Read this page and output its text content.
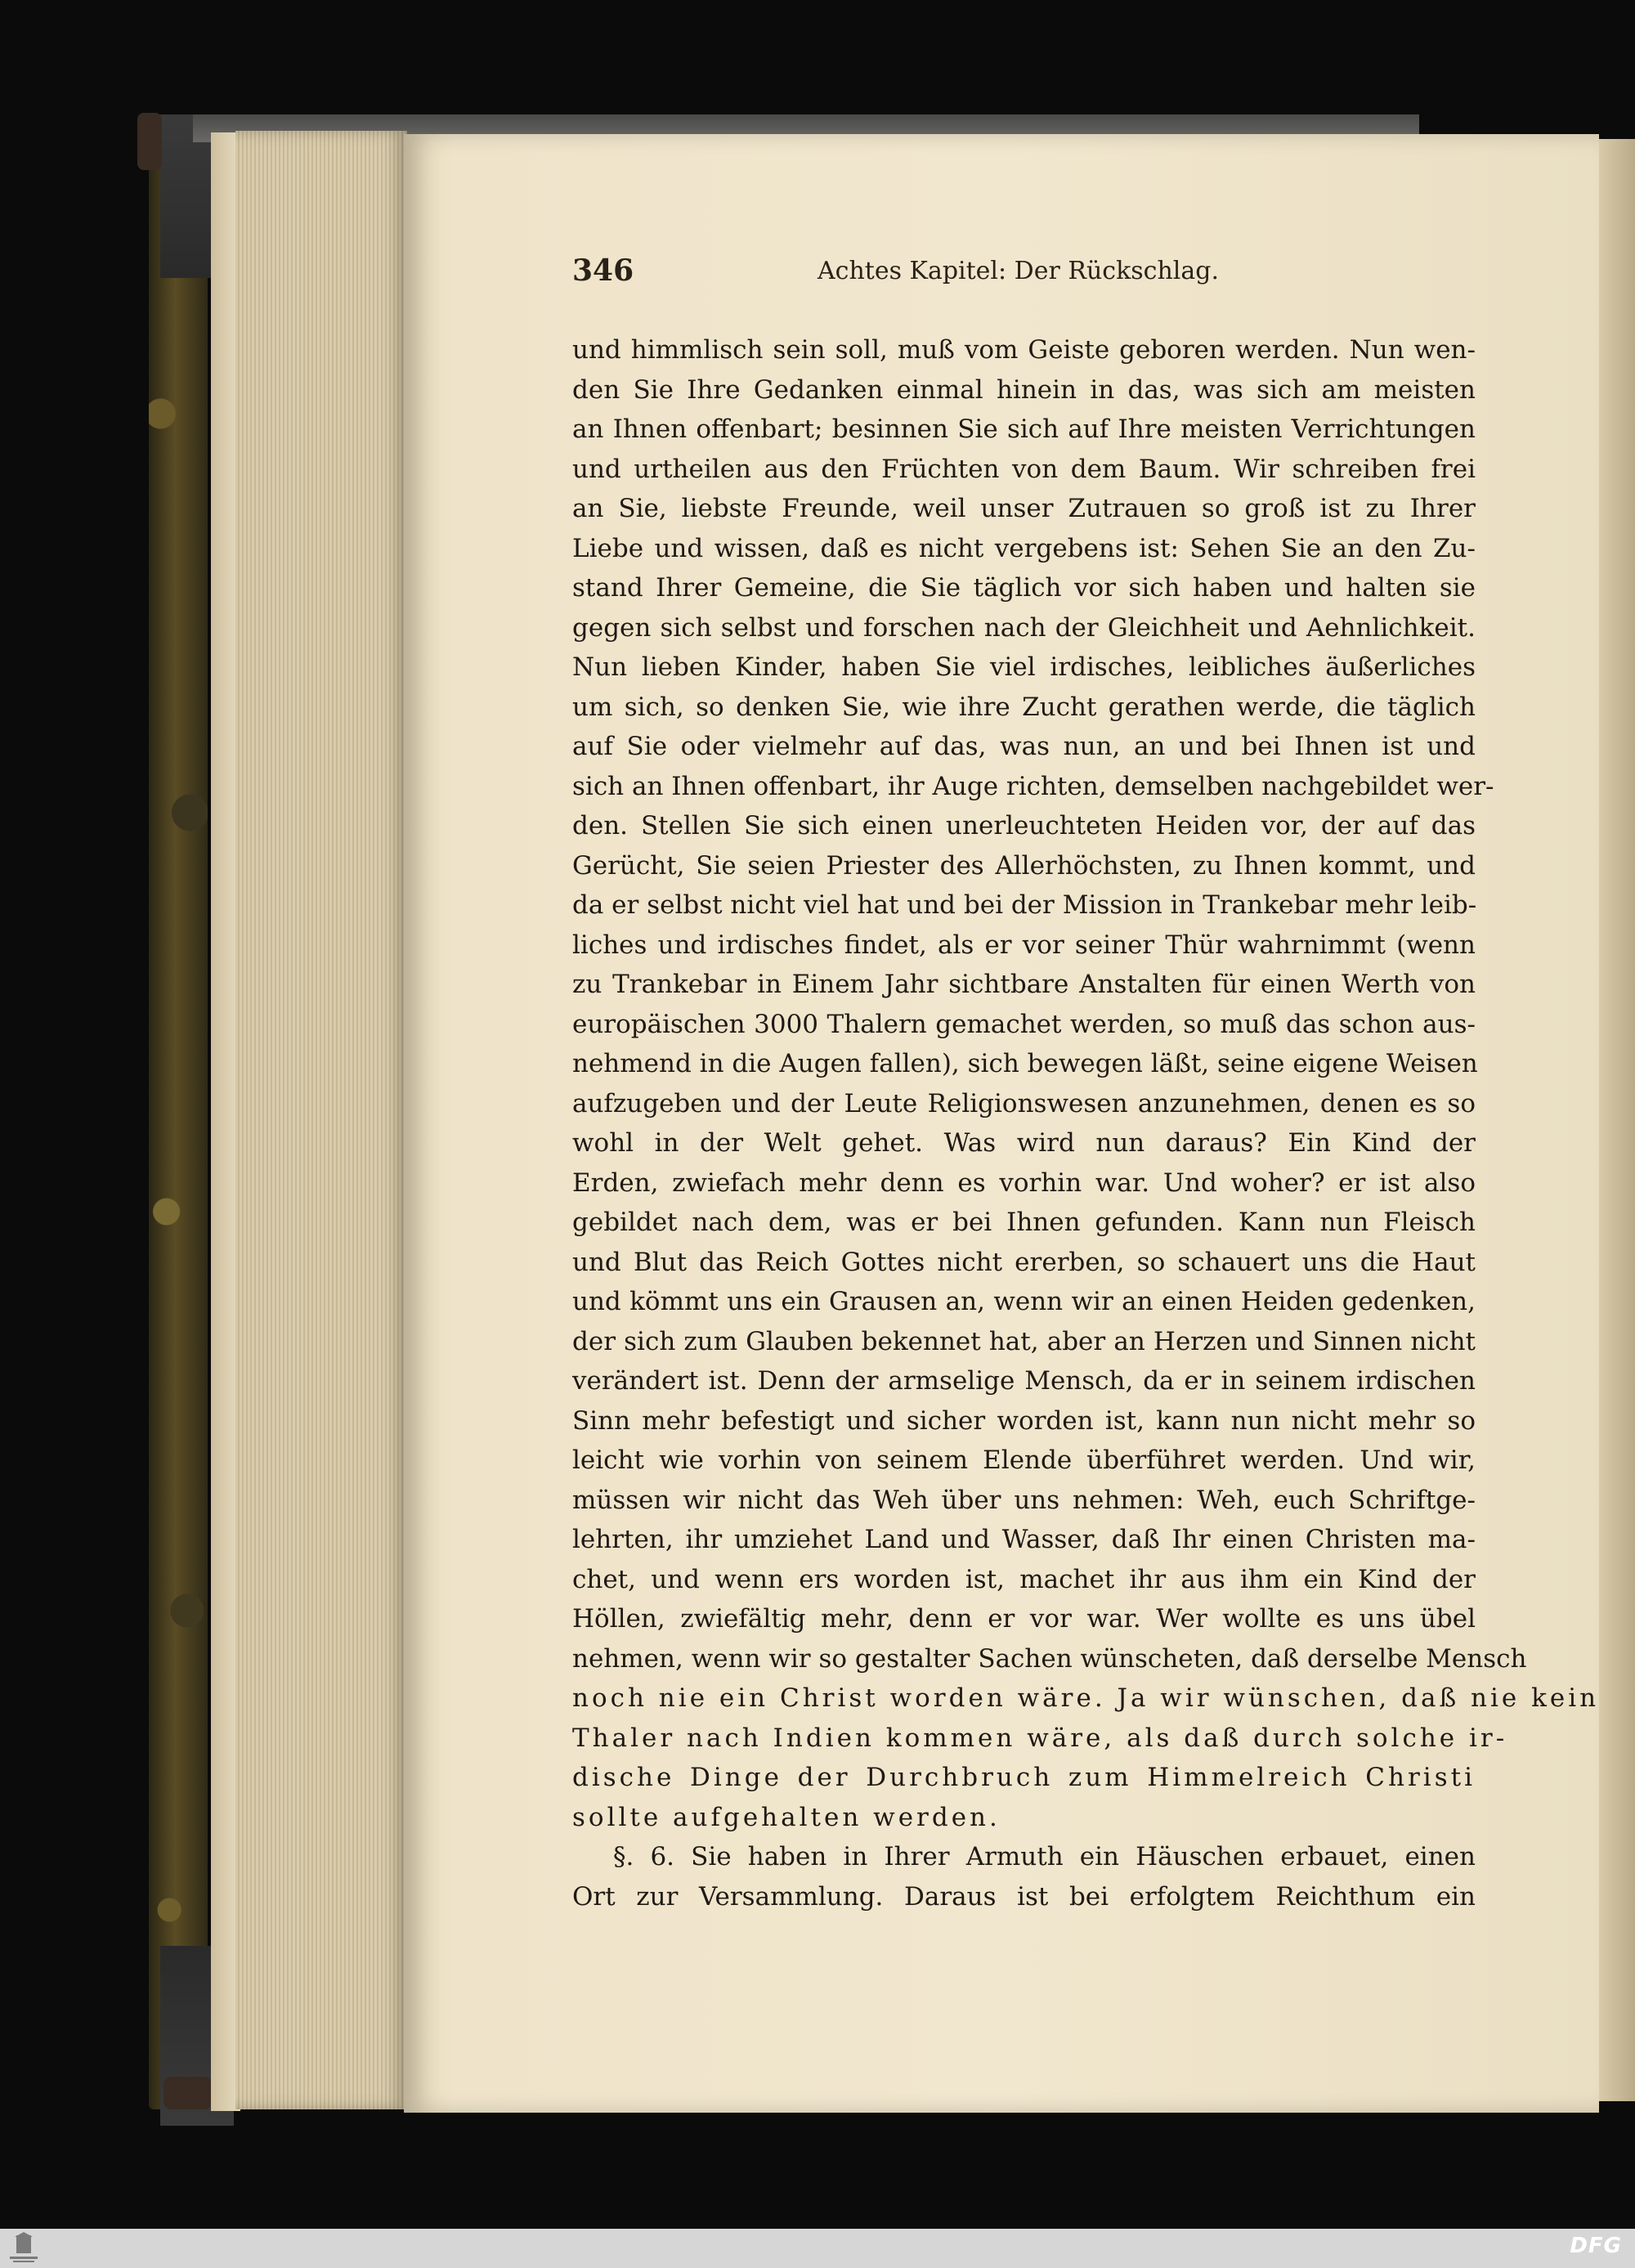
346	Achtes Kapitel: Der Rückschlag.
und himmlisch sein soll, muß vom Geiste geboren werden. Nun wen-
den Sie Ihre Gedanken einmal hinein in das, was sich am meisten
an Ihnen offenbart; besinnen Sie sich auf Ihre meisten Verrichtungen
und urtheilen aus den Früchten von dem Baum. Wir schreiben frei
an Sie, liebste Freunde, weil unser Zutrauen so groß ist zu Ihrer
Liebe und wissen, daß es nicht vergebens ist: Sehen Sie an den Zu-
stand Ihrer Gemeine, die Sie täglich vor sich haben und halten sie
gegen sich selbst und forschen nach der Gleichheit und Aehnlichkeit.
Nun lieben Kinder, haben Sie viel irdisches, leibliches äußerliches
um sich, so denken Sie, wie ihre Zucht gerathen werde, die täglich
auf Sie oder vielmehr auf das, was nun, an und bei Ihnen ist und
sich an Ihnen offenbart, ihr Auge richten, demselben nachgebildet wer-
den. Stellen Sie sich einen unerleuchteten Heiden vor, der auf das
Gerücht, Sie seien Priester des Allerhöchsten, zu Ihnen kommt, und
da er selbst nicht viel hat und bei der Mission in Trankebar mehr leib-
liches und irdisches findet, als er vor seiner Thür wahrnimmt (wenn
zu Trankebar in Einem Jahr sichtbare Anstalten für einen Werth von
europäischen 3000 Thalern gemachet werden, so muß das schon aus-
nehmend in die Augen fallen), sich bewegen läßt, seine eigene Weisen
aufzugeben und der Leute Religionswesen anzunehmen, denen es so
wohl in der Welt gehet. Was wird nun daraus? Ein Kind der
Erden, zwiefach mehr denn es vorhin war. Und woher? er ist also
gebildet nach dem, was er bei Ihnen gefunden. Kann nun Fleisch
und Blut das Reich Gottes nicht ererben, so schauert uns die Haut
und kömmt uns ein Grausen an, wenn wir an einen Heiden gedenken,
der sich zum Glauben bekennet hat, aber an Herzen und Sinnen nicht
verändert ist. Denn der armselige Mensch, da er in seinem irdischen
Sinn mehr befestigt und sicher worden ist, kann nun nicht mehr so
leicht wie vorhin von seinem Elende überführet werden. Und wir,
müssen wir nicht das Weh über uns nehmen: Weh, euch Schriftge-
lehrten, ihr umziehet Land und Wasser, daß Ihr einen Christen ma-
chet, und wenn ers worden ist, machet ihr aus ihm ein Kind der
Höllen, zwiefältig mehr, denn er vor war. Wer wollte es uns übel
nehmen, wenn wir so gestalter Sachen wünscheten, daß derselbe Mensch
noch nie ein Christ worden wäre. Ja wir wünschen, daß nie kein
Thaler nach Indien kommen wäre, als daß durch solche ir-
dische Dinge der Durchbruch zum Himmelreich Christi
sollte aufgehalten werden.
§. 6. Sie haben in Ihrer Armuth ein Häuschen erbauet, einen
Ort zur Versammlung. Daraus ist bei erfolgtem Reichthum ein
DFG
